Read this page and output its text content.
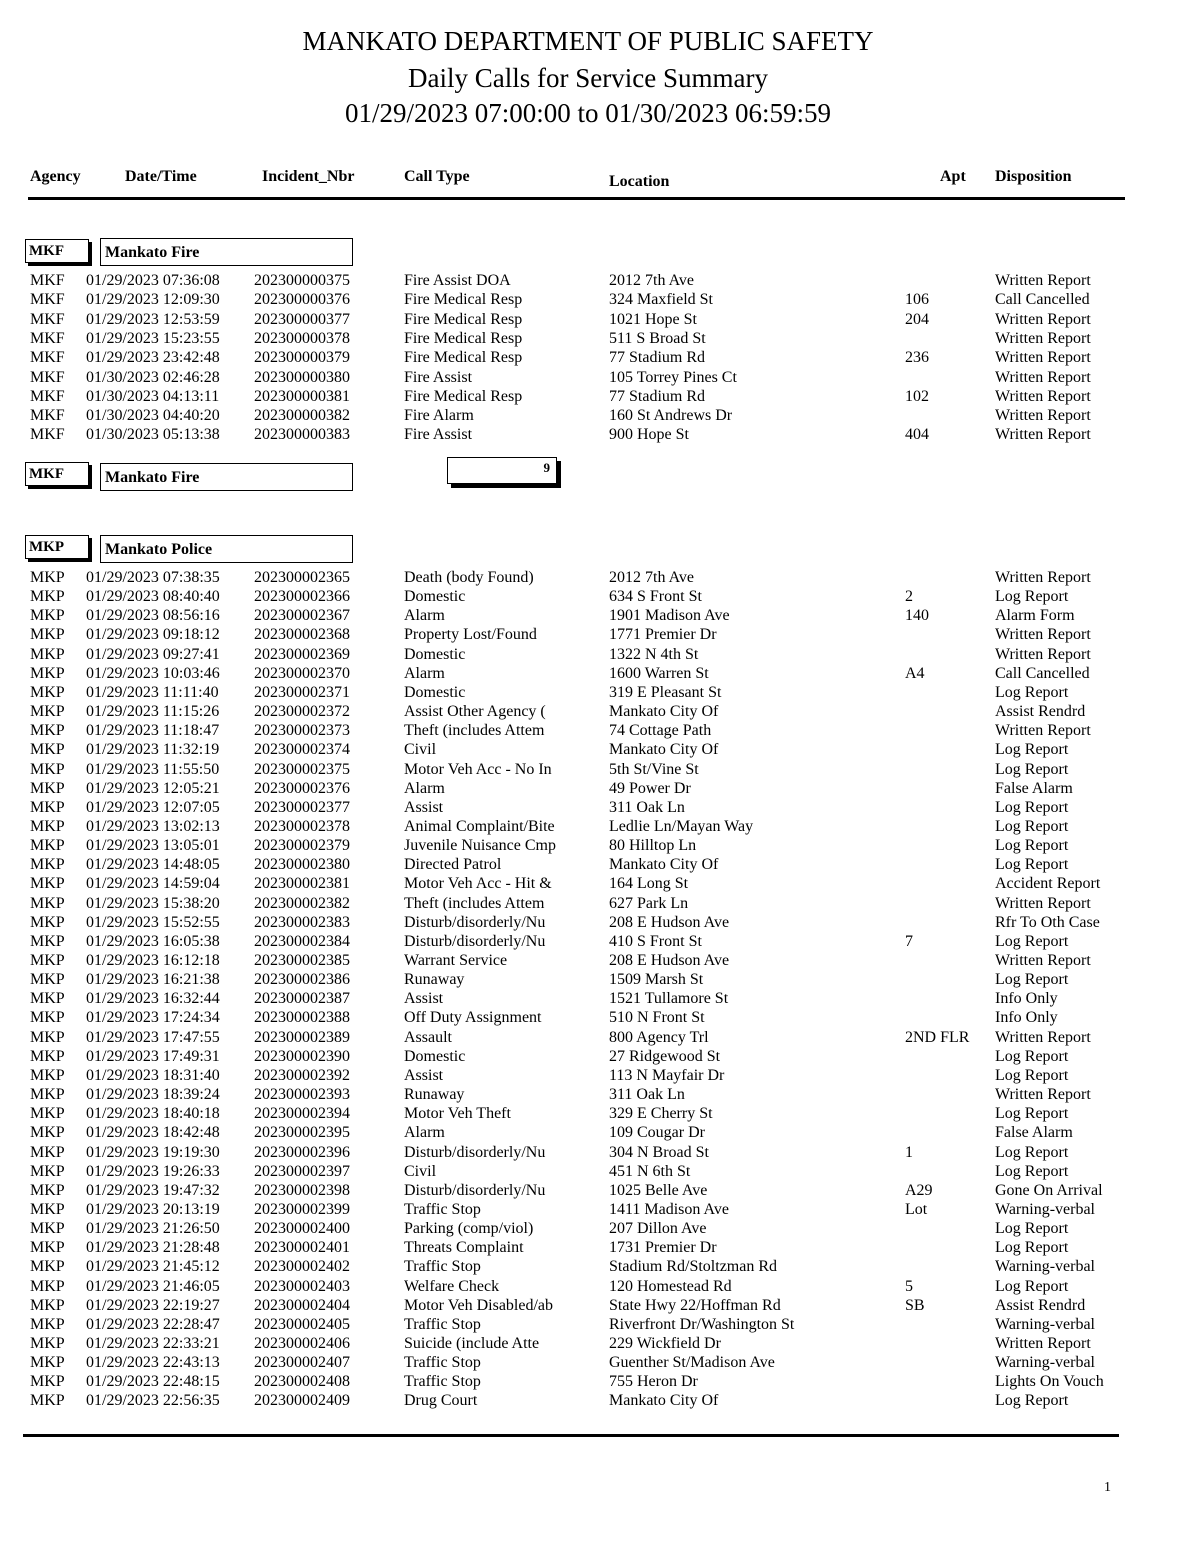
MANKATO DEPARTMENT OF PUBLIC SAFETY
Daily Calls for Service Summary
01/29/2023 07:00:00 to 01/30/2023 06:59:59
Agency	Date/Time	Incident_Nbr	Call Type	Location	Apt Disposition
MKF	Mankato Fire
MKF 01/29/2023 07:36:08 202300000375	Fire Assist DOA	2012 7th Ave	Written Report
MKF 01/29/2023 12:09:30 202300000376	Fire Medical Resp	324 Maxfield St	106	Call Cancelled
MKF 01/29/2023 12:53:59 202300000377	Fire Medical Resp	1021 Hope St	204	Written Report
MKF 01/29/2023 15:23:55 202300000378	Fire Medical Resp	511 S Broad St	Written Report
MKF 01/29/2023 23:42:48 202300000379	Fire Medical Resp	77 Stadium Rd	236	Written Report
MKF 01/30/2023 02:46:28 202300000380	Fire Assist	105 Torrey Pines Ct	Written Report
MKF 01/30/2023 04:13:11 202300000381	Fire Medical Resp	77 Stadium Rd	102	Written Report
MKF 01/30/2023 04:40:20 202300000382	Fire Alarm	160 St Andrews Dr	Written Report
MKF 01/30/2023 05:13:38 202300000383	Fire Assist	900 Hope St	404	Written Report
MKF	Mankato Fire
9
MKP	Mankato Police
MKP 01/29/2023 07:38:35 202300002365	Death (body Found)	2012 7th Ave	Written Report
MKP 01/29/2023 08:40:40 202300002366	Domestic	634 S Front St	2	Log Report
MKP 01/29/2023 08:56:16 202300002367	Alarm	1901 Madison Ave	140	Alarm Form
MKP 01/29/2023 09:18:12 202300002368	Property Lost/Found	1771 Premier Dr	Written Report
MKP 01/29/2023 09:27:41 202300002369	Domestic	1322 N 4th St	Written Report
MKP 01/29/2023 10:03:46 202300002370	Alarm	1600 Warren St	A4	Call Cancelled
MKP 01/29/2023 11:11:40 202300002371	Domestic	319 E Pleasant St	Log Report
MKP 01/29/2023 11:15:26 202300002372	Assist Other Agency (	Mankato City Of	Assist Rendrd
MKP 01/29/2023 11:18:47 202300002373	Theft (includes Attem	74 Cottage Path	Written Report
MKP 01/29/2023 11:32:19 202300002374	Civil	Mankato City Of	Log Report
MKP 01/29/2023 11:55:50 202300002375	Motor Veh Acc - No In	5th St/Vine St	Log Report
MKP 01/29/2023 12:05:21 202300002376	Alarm	49 Power Dr	False Alarm
MKP 01/29/2023 12:07:05 202300002377	Assist	311 Oak Ln	Log Report
MKP 01/29/2023 13:02:13 202300002378	Animal Complaint/Bite	Ledlie Ln/Mayan Way	Log Report
MKP 01/29/2023 13:05:01 202300002379	Juvenile Nuisance Cmp	80 Hilltop Ln	Log Report
MKP 01/29/2023 14:48:05 202300002380	Directed Patrol	Mankato City Of	Log Report
MKP 01/29/2023 14:59:04 202300002381	Motor Veh Acc - Hit &	164 Long St	Accident Report
MKP 01/29/2023 15:38:20 202300002382	Theft (includes Attem	627 Park Ln	Written Report
MKP 01/29/2023 15:52:55 202300002383	Disturb/disorderly/Nu	208 E Hudson Ave	Rfr To Oth Case
MKP 01/29/2023 16:05:38 202300002384	Disturb/disorderly/Nu	410 S Front St	7	Log Report
MKP 01/29/2023 16:12:18 202300002385	Warrant Service	208 E Hudson Ave	Written Report
MKP 01/29/2023 16:21:38 202300002386	Runaway	1509 Marsh St	Log Report
MKP 01/29/2023 16:32:44 202300002387	Assist	1521 Tullamore St	Info Only
MKP 01/29/2023 17:24:34 202300002388	Off Duty Assignment	510 N Front St	Info Only
MKP 01/29/2023 17:47:55 202300002389	Assault	800 Agency Trl	2ND FLR Written Report
MKP 01/29/2023 17:49:31 202300002390	Domestic	27 Ridgewood St	Log Report
MKP 01/29/2023 18:31:40 202300002392	Assist	113 N Mayfair Dr	Log Report
MKP 01/29/2023 18:39:24 202300002393	Runaway	311 Oak Ln	Written Report
MKP 01/29/2023 18:40:18 202300002394	Motor Veh Theft	329 E Cherry St	Log Report
MKP 01/29/2023 18:42:48 202300002395	Alarm	109 Cougar Dr	False Alarm
MKP 01/29/2023 19:19:30 202300002396	Disturb/disorderly/Nu	304 N Broad St	1	Log Report
MKP 01/29/2023 19:26:33 202300002397	Civil	451 N 6th St	Log Report
MKP 01/29/2023 19:47:32 202300002398	Disturb/disorderly/Nu	1025 Belle Ave	A29	Gone On Arrival
MKP 01/29/2023 20:13:19 202300002399	Traffic Stop	1411 Madison Ave	Lot	Warning-verbal
MKP 01/29/2023 21:26:50 202300002400	Parking (comp/viol)	207 Dillon Ave	Log Report
MKP 01/29/2023 21:28:48 202300002401	Threats Complaint	1731 Premier Dr	Log Report
MKP 01/29/2023 21:45:12 202300002402	Traffic Stop	Stadium Rd/Stoltzman Rd	Warning-verbal
MKP 01/29/2023 21:46:05 202300002403	Welfare Check	120 Homestead Rd	5	Log Report
MKP 01/29/2023 22:19:27 202300002404	Motor Veh Disabled/ab	State Hwy 22/Hoffman Rd	SB	Assist Rendrd
MKP 01/29/2023 22:28:47 202300002405	Traffic Stop	Riverfront Dr/Washington St	Warning-verbal
MKP 01/29/2023 22:33:21 202300002406	Suicide (include Atte	229 Wickfield Dr	Written Report
MKP 01/29/2023 22:43:13 202300002407	Traffic Stop	Guenther St/Madison Ave	Warning-verbal
MKP 01/29/2023 22:48:15 202300002408	Traffic Stop	755 Heron Dr	Lights On Vouch
MKP 01/29/2023 22:56:35 202300002409	Drug Court	Mankato City Of	Log Report
1
